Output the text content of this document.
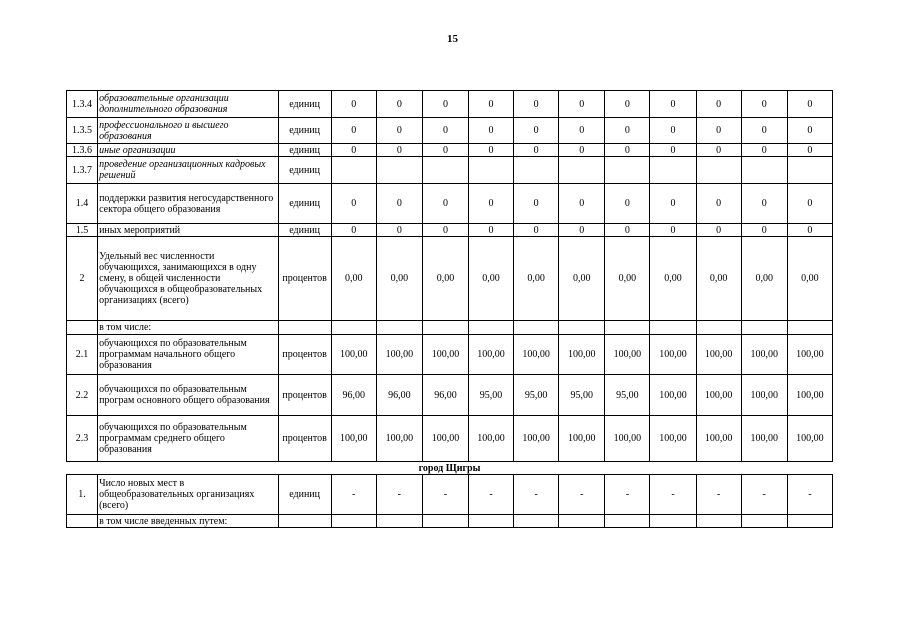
15
1.3.4	образовательные организации дополнительного образования	единиц	0	0	0	0	0	0	0	0	0	0	0
1.3.5	профессионального и высшего образования	единиц	0	0	0	0	0	0	0	0	0	0	0
1.3.6	иные организации	единиц	0	0	0	0	0	0	0	0	0	0	0
1.3.7	проведение организационных кадровых решений	единиц											
1.4	поддержки развития негосударственного сектора общего образования	единиц	0	0	0	0	0	0	0	0	0	0	0
1.5	иных мероприятий	единиц	0	0	0	0	0	0	0	0	0	0	0
2	Удельный вес численности обучающихся, занимающихся в одну смену, в общей численности обучающихся в общеобразовательных организациях (всего)	процентов	0,00	0,00	0,00	0,00	0,00	0,00	0,00	0,00	0,00	0,00	0,00
	в том числе:												
2.1	обучающихся по образовательным программам начального общего образования	процентов	100,00	100,00	100,00	100,00	100,00	100,00	100,00	100,00	100,00	100,00	100,00
2.2	обучающихся по образовательным програм основного общего образования	процентов	96,00	96,00	96,00	95,00	95,00	95,00	95,00	100,00	100,00	100,00	100,00
2.3	обучающихся по образовательным программам среднего общего образования	процентов	100,00	100,00	100,00	100,00	100,00	100,00	100,00	100,00	100,00	100,00	100,00
город Щигры													
1.	Число новых мест в общеобразовательных организациях (всего)	единиц	-	-	-	-	-	-	-	-	-	-	-
	в том числе введенных путем:												
